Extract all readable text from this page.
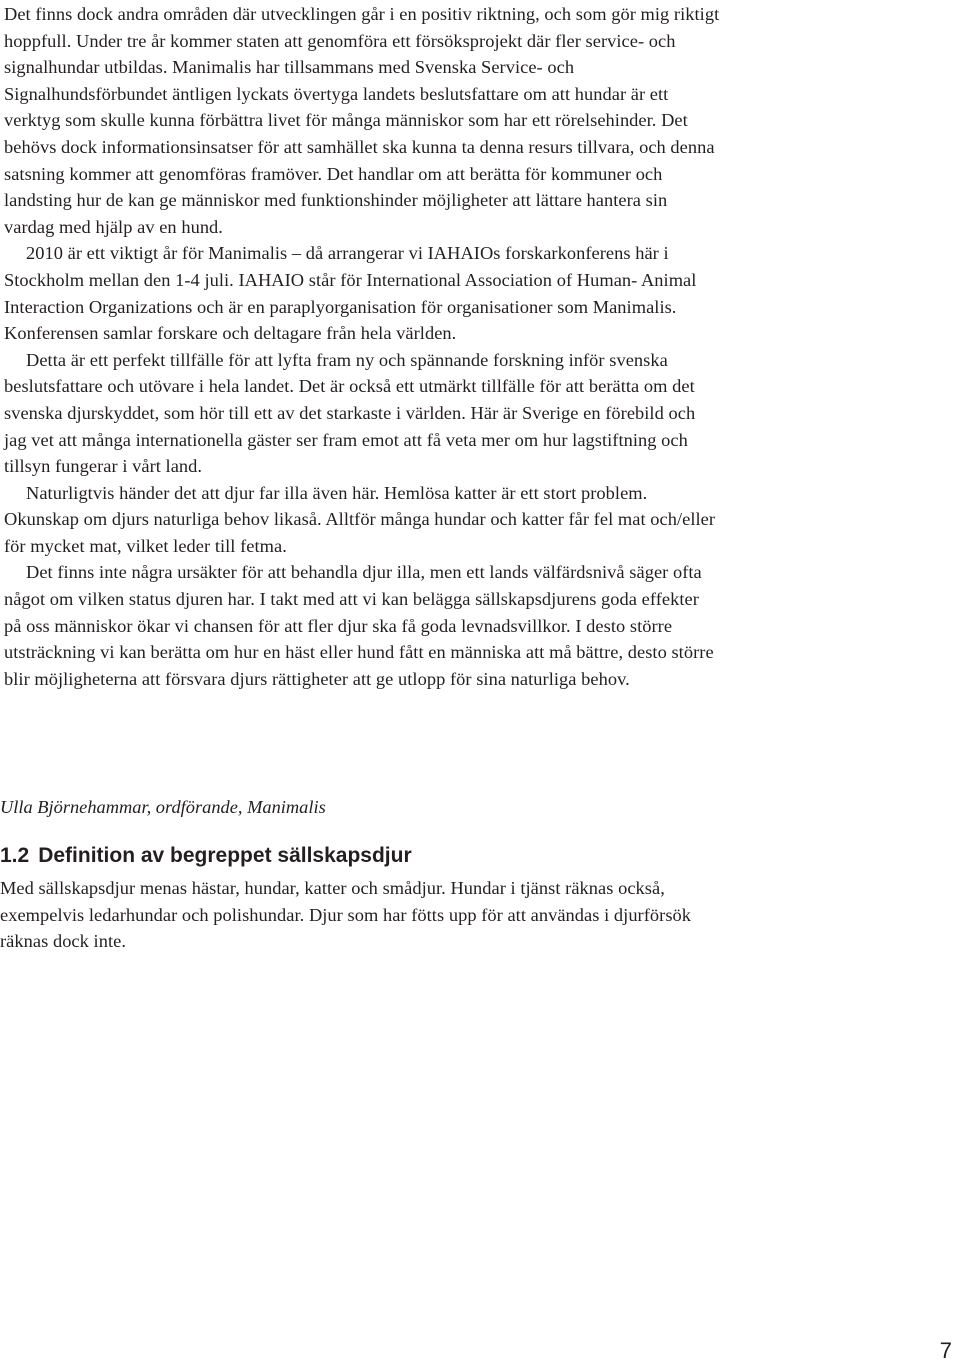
Det finns dock andra områden där utvecklingen går i en positiv riktning, och som gör mig riktigt hoppfull. Under tre år kommer staten att genomföra ett försöksprojekt där fler service- och signalhundar utbildas. Manimalis har tillsammans med Svenska Service- och Signalhundsförbundet äntligen lyckats övertyga landets beslutsfattare om att hundar är ett verktyg som skulle kunna förbättra livet för många människor som har ett rörelsehinder. Det behövs dock informationsinsatser för att samhället ska kunna ta denna resurs tillvara, och denna satsning kommer att genomföras framöver. Det handlar om att berätta för kommuner och landsting hur de kan ge människor med funktionshinder möjligheter att lättare hantera sin vardag med hjälp av en hund.

2010 är ett viktigt år för Manimalis – då arrangerar vi IAHAIOs forskarkonferens här i Stockholm mellan den 1-4 juli. IAHAIO står för International Association of Human- Animal Interaction Organizations och är en paraplyorganisation för organisationer som Manimalis. Konferensen samlar forskare och deltagare från hela världen.

Detta är ett perfekt tillfälle för att lyfta fram ny och spännande forskning inför svenska beslutsfattare och utövare i hela landet. Det är också ett utmärkt tillfälle för att berätta om det svenska djurskyddet, som hör till ett av det starkaste i världen. Här är Sverige en förebild och jag vet att många internationella gäster ser fram emot att få veta mer om hur lagstiftning och tillsyn fungerar i vårt land.

Naturligtvis händer det att djur far illa även här. Hemlösa katter är ett stort problem. Okunskap om djurs naturliga behov likaså. Alltför många hundar och katter får fel mat och/eller för mycket mat, vilket leder till fetma.

Det finns inte några ursäkter för att behandla djur illa, men ett lands välfärdsnivå säger ofta något om vilken status djuren har. I takt med att vi kan belägga sällskapsdjurens goda effekter på oss människor ökar vi chansen för att fler djur ska få goda levnadsvillkor. I desto större utsträckning vi kan berätta om hur en häst eller hund fått en människa att må bättre, desto större blir möjligheterna att försvara djurs rättigheter att ge utlopp för sina naturliga behov.

Ulla Björnehammar, ordförande, Manimalis

1.2 Definition av begreppet sällskapsdjur

Med sällskapsdjur menas hästar, hundar, katter och smådjur. Hundar i tjänst räknas också, exempelvis ledarhundar och polishundar. Djur som har fötts upp för att användas i djurförsök räknas dock inte.

7
